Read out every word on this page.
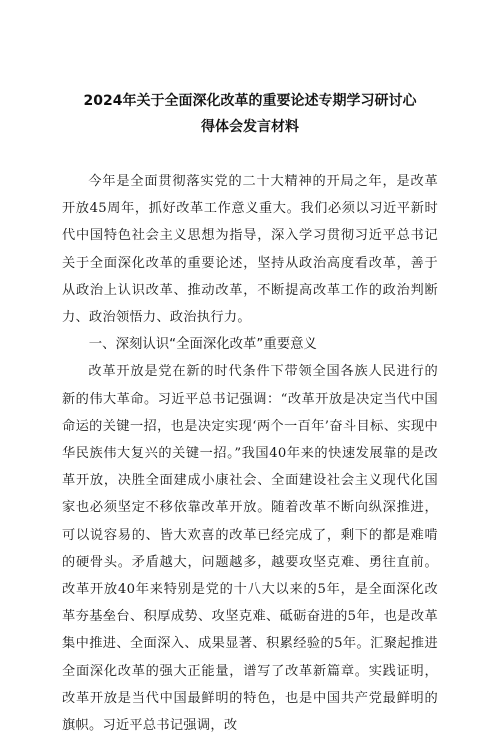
2024年关于全面深化改革的重要论述专期学习研讨心
得体会发言材料

今年是全面贯彻落实党的二十大精神的开局之年，是改革开放45周年，抓好改革工作意义重大。我们必须以习近平新时代中国特色社会主义思想为指导，深入学习贯彻习近平总书记关于全面深化改革的重要论述，坚持从政治高度看改革，善于从政治上认识改革、推动改革，不断提高改革工作的政治判断力、政治领悟力、政治执行力。

一、深刻认识“全面深化改革”重要意义

改革开放是党在新的时代条件下带领全国各族人民进行的新的伟大革命。习近平总书记强调：“改革开放是决定当代中国命运的关键一招，也是决定实现‘两个一百年’奋斗目标、实现中华民族伟大复兴的关键一招。”我国40年来的快速发展靠的是改革开放，决胜全面建成小康社会、全面建设社会主义现代化国家也必须坚定不移依靠改革开放。随着改革不断向纵深推进，可以说容易的、皆大欢喜的改革已经完成了，剩下的都是难啃的硬骨头。矛盾越大，问题越多，越要攻坚克难、勇往直前。改革开放40年来特别是党的十八大以来的5年，是全面深化改革夯基垒台、积厚成势、攻坚克难、砥砺奋进的5年，也是改革集中推进、全面深入、成果显著、积累经验的5年。汇聚起推进全面深化改革的强大正能量，谱写了改革新篇章。实践证明，改革开放是当代中国最鲜明的特色，也是中国共产党最鲜明的旗帜。习近平总书记强调，改
